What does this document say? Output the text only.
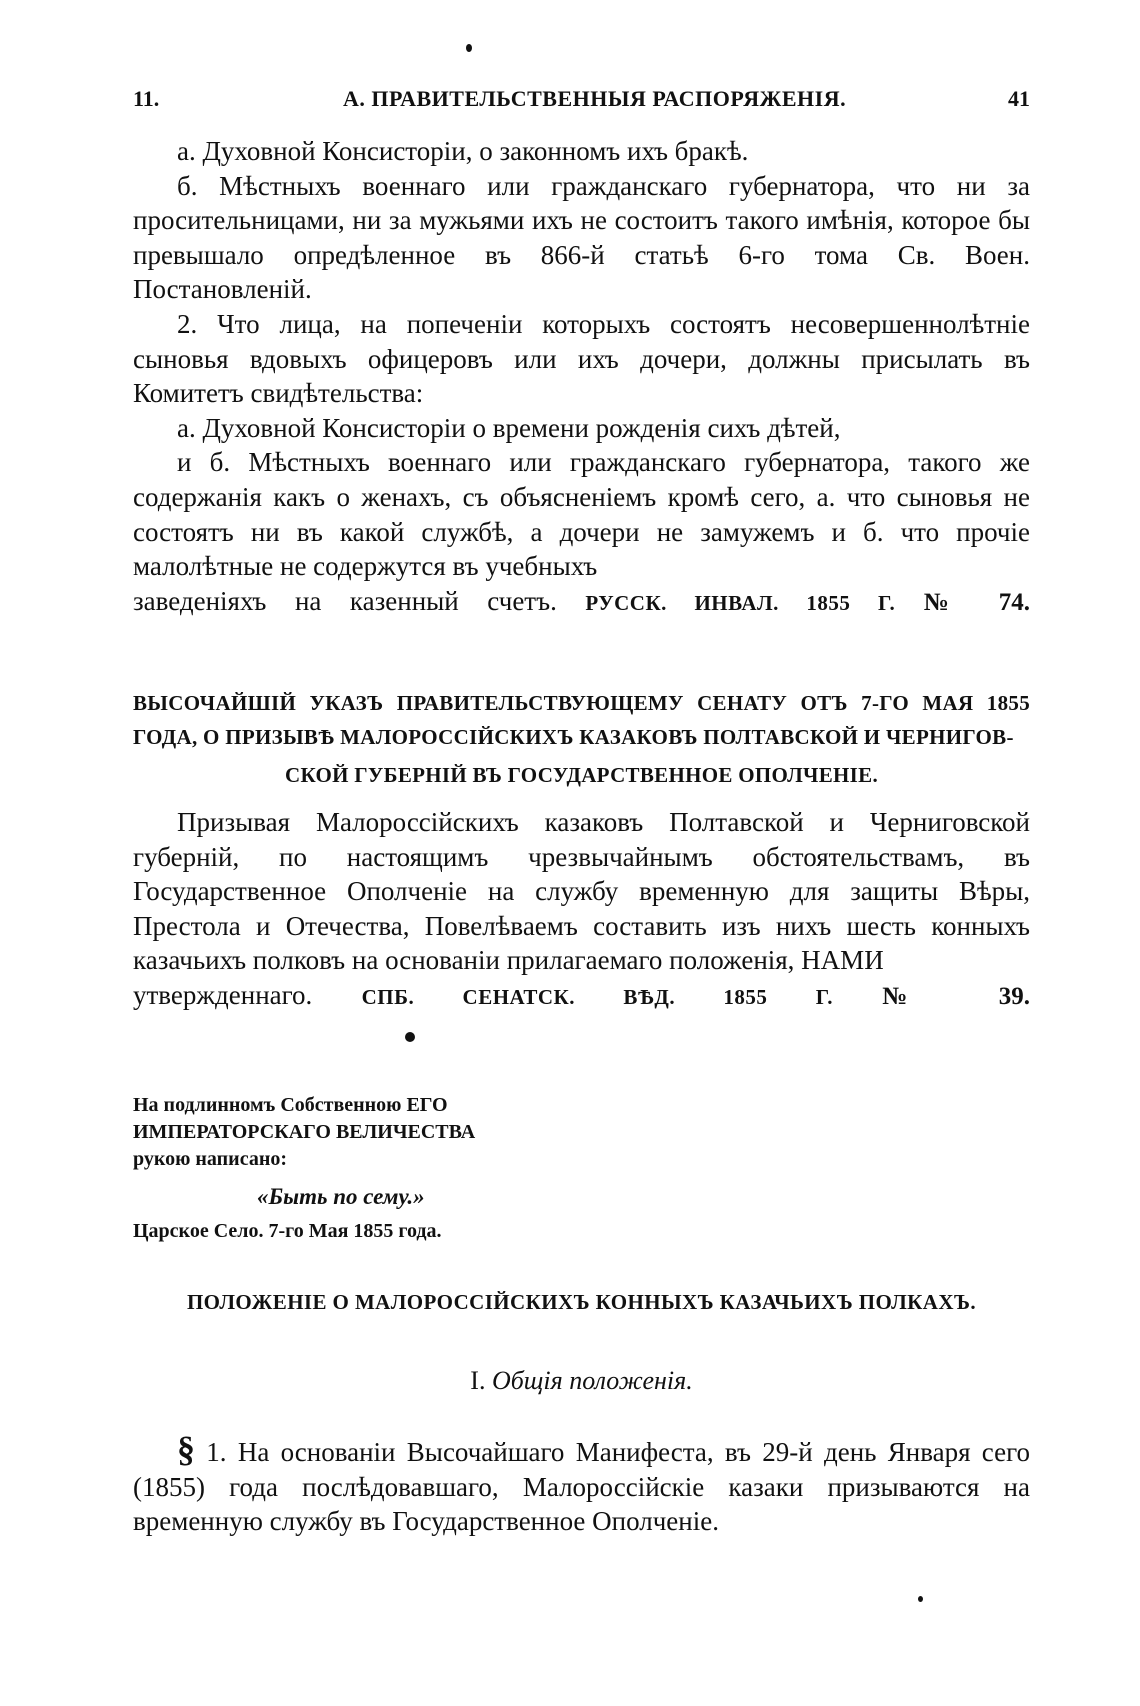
11.	А. ПРАВИТЕЛЬСТВЕННЫЯ РАСПОРЯЖЕНІЯ.	41

а. Духовной Консисторіи, о законномъ ихъ бракѣ.

б. Мѣстныхъ военнаго или гражданскаго губернатора, что ни за просительницами, ни за мужьями ихъ не состоитъ такого имѣнія, которое бы превышало опредѣленное въ 866-й статьѣ 6-го тома Св. Воен. Постановленій.

2. Что лица, на попеченіи которыхъ состоятъ несовершеннолѣтніе сыновья вдовыхъ офицеровъ или ихъ дочери, должны присылать въ Комитетъ свидѣтельства:

а. Духовной Консисторіи о времени рожденія сихъ дѣтей,

и б. Мѣстныхъ военнаго или гражданскаго губернатора, такого же содержанія какъ о женахъ, съ объясненіемъ кромѣ сего, а. что сыновья не состоятъ ни въ какой службѣ, а дочери не замужемъ и б. что прочіе малолѣтные не содержутся въ учебныхъ

заведеніяхъ на казенный счетъ. РУССК. ИНВАЛ. 1855 Г. № 74.

ВЫСОЧАЙШІЙ УКАЗЪ ПРАВИТЕЛЬСТВУЮЩЕМУ СЕНАТУ ОТЪ 7-ГО МАЯ 1855 ГОДА, О ПРИЗЫВѢ МАЛОРОССІЙСКИХЪ КАЗАКОВЪ ПОЛТАВСКОЙ И ЧЕРНИГОВ-
СКОЙ ГУБЕРНІЙ ВЪ ГОСУДАРСТВЕННОЕ ОПОЛЧЕНІЕ.

Призывая Малороссійскихъ казаковъ Полтавской и Черниговской губерній, по настоящимъ чрезвычайнымъ обстоятельствамъ, въ Государственное Ополченіе на службу временную для защиты Вѣры, Престола и Отечества, Повелѣваемъ составить изъ нихъ шесть конныхъ казачьихъ полковъ на основаніи прилагаемаго положенія, НАМИ

утвержденнаго. СПБ. СЕНАТСК. ВѢД. 1855 Г. № 39.

На подлинномъ Собственною ЕГО
ИМПЕРАТОРСКАГО ВЕЛИЧЕСТВА
рукою написано:
«Быть по сему.»
Царское Село. 7-го Мая 1855 года.
ПОЛОЖЕНІЕ О МАЛОРОССІЙСКИХЪ КОННЫХЪ КАЗАЧЬИХЪ ПОЛКАХЪ.
I. Общія положенія.

§ 1. На основаніи Высочайшаго Манифеста, въ 29-й день Января сего (1855) года послѣдовавшаго, Малороссійскіе казаки призываются на временную службу въ Государственное Ополченіе.
